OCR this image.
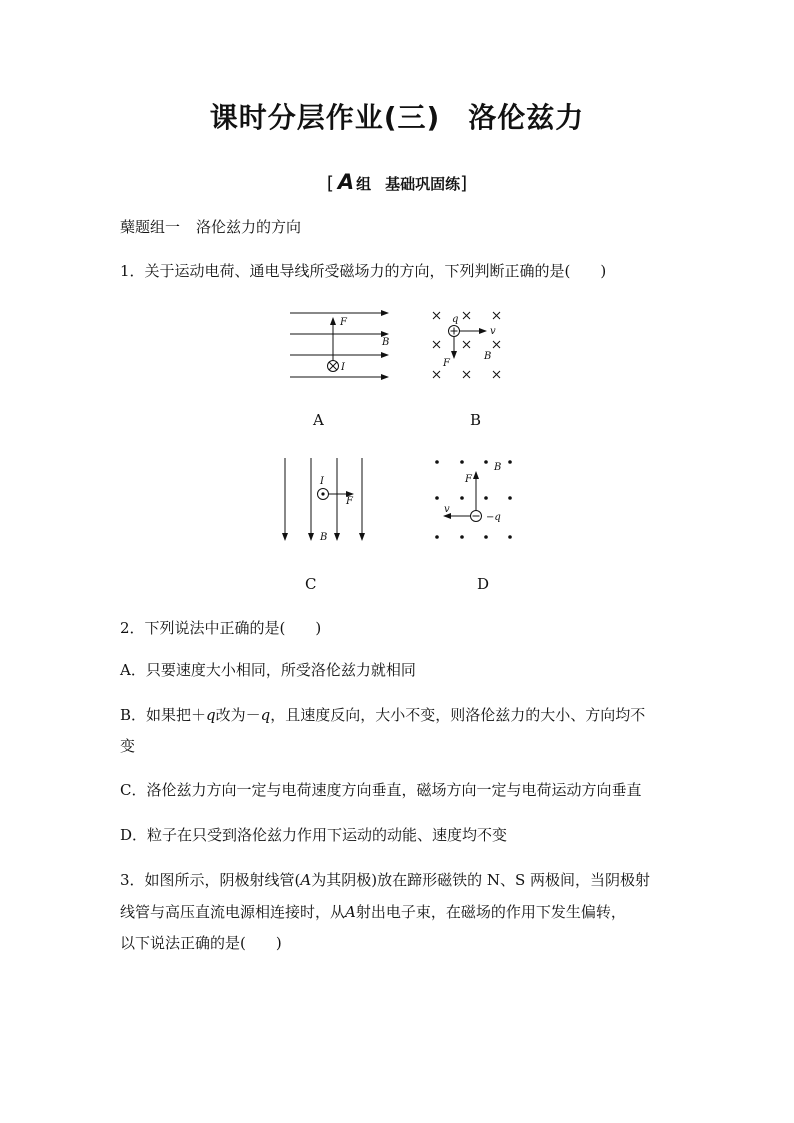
课时分层作业(三) 洛伦兹力
[ A 组 基础巩固练]
蘖题组一 洛伦兹力的方向
1．关于运动电荷、通电导线所受磁场力的方向，下列判断正确的是( )
F
B
I
q
v
F
B
I
F
B
B
F
v
−q
A	B
C	D
2．下列说法中正确的是( )
A．只要速度大小相同，所受洛伦兹力就相同
B．如果把＋q改为－q，且速度反向，大小不变，则洛伦兹力的大小、方向均不
变
C．洛伦兹力方向一定与电荷速度方向垂直，磁场方向一定与电荷运动方向垂直
D．粒子在只受到洛伦兹力作用下运动的动能、速度均不变
3．如图所示，阴极射线管(A为其阴极)放在蹄形磁铁的 N、S 两极间，当阴极射
线管与高压直流电源相连接时，从A射出电子束，在磁场的作用下发生偏转，
以下说法正确的是( )
